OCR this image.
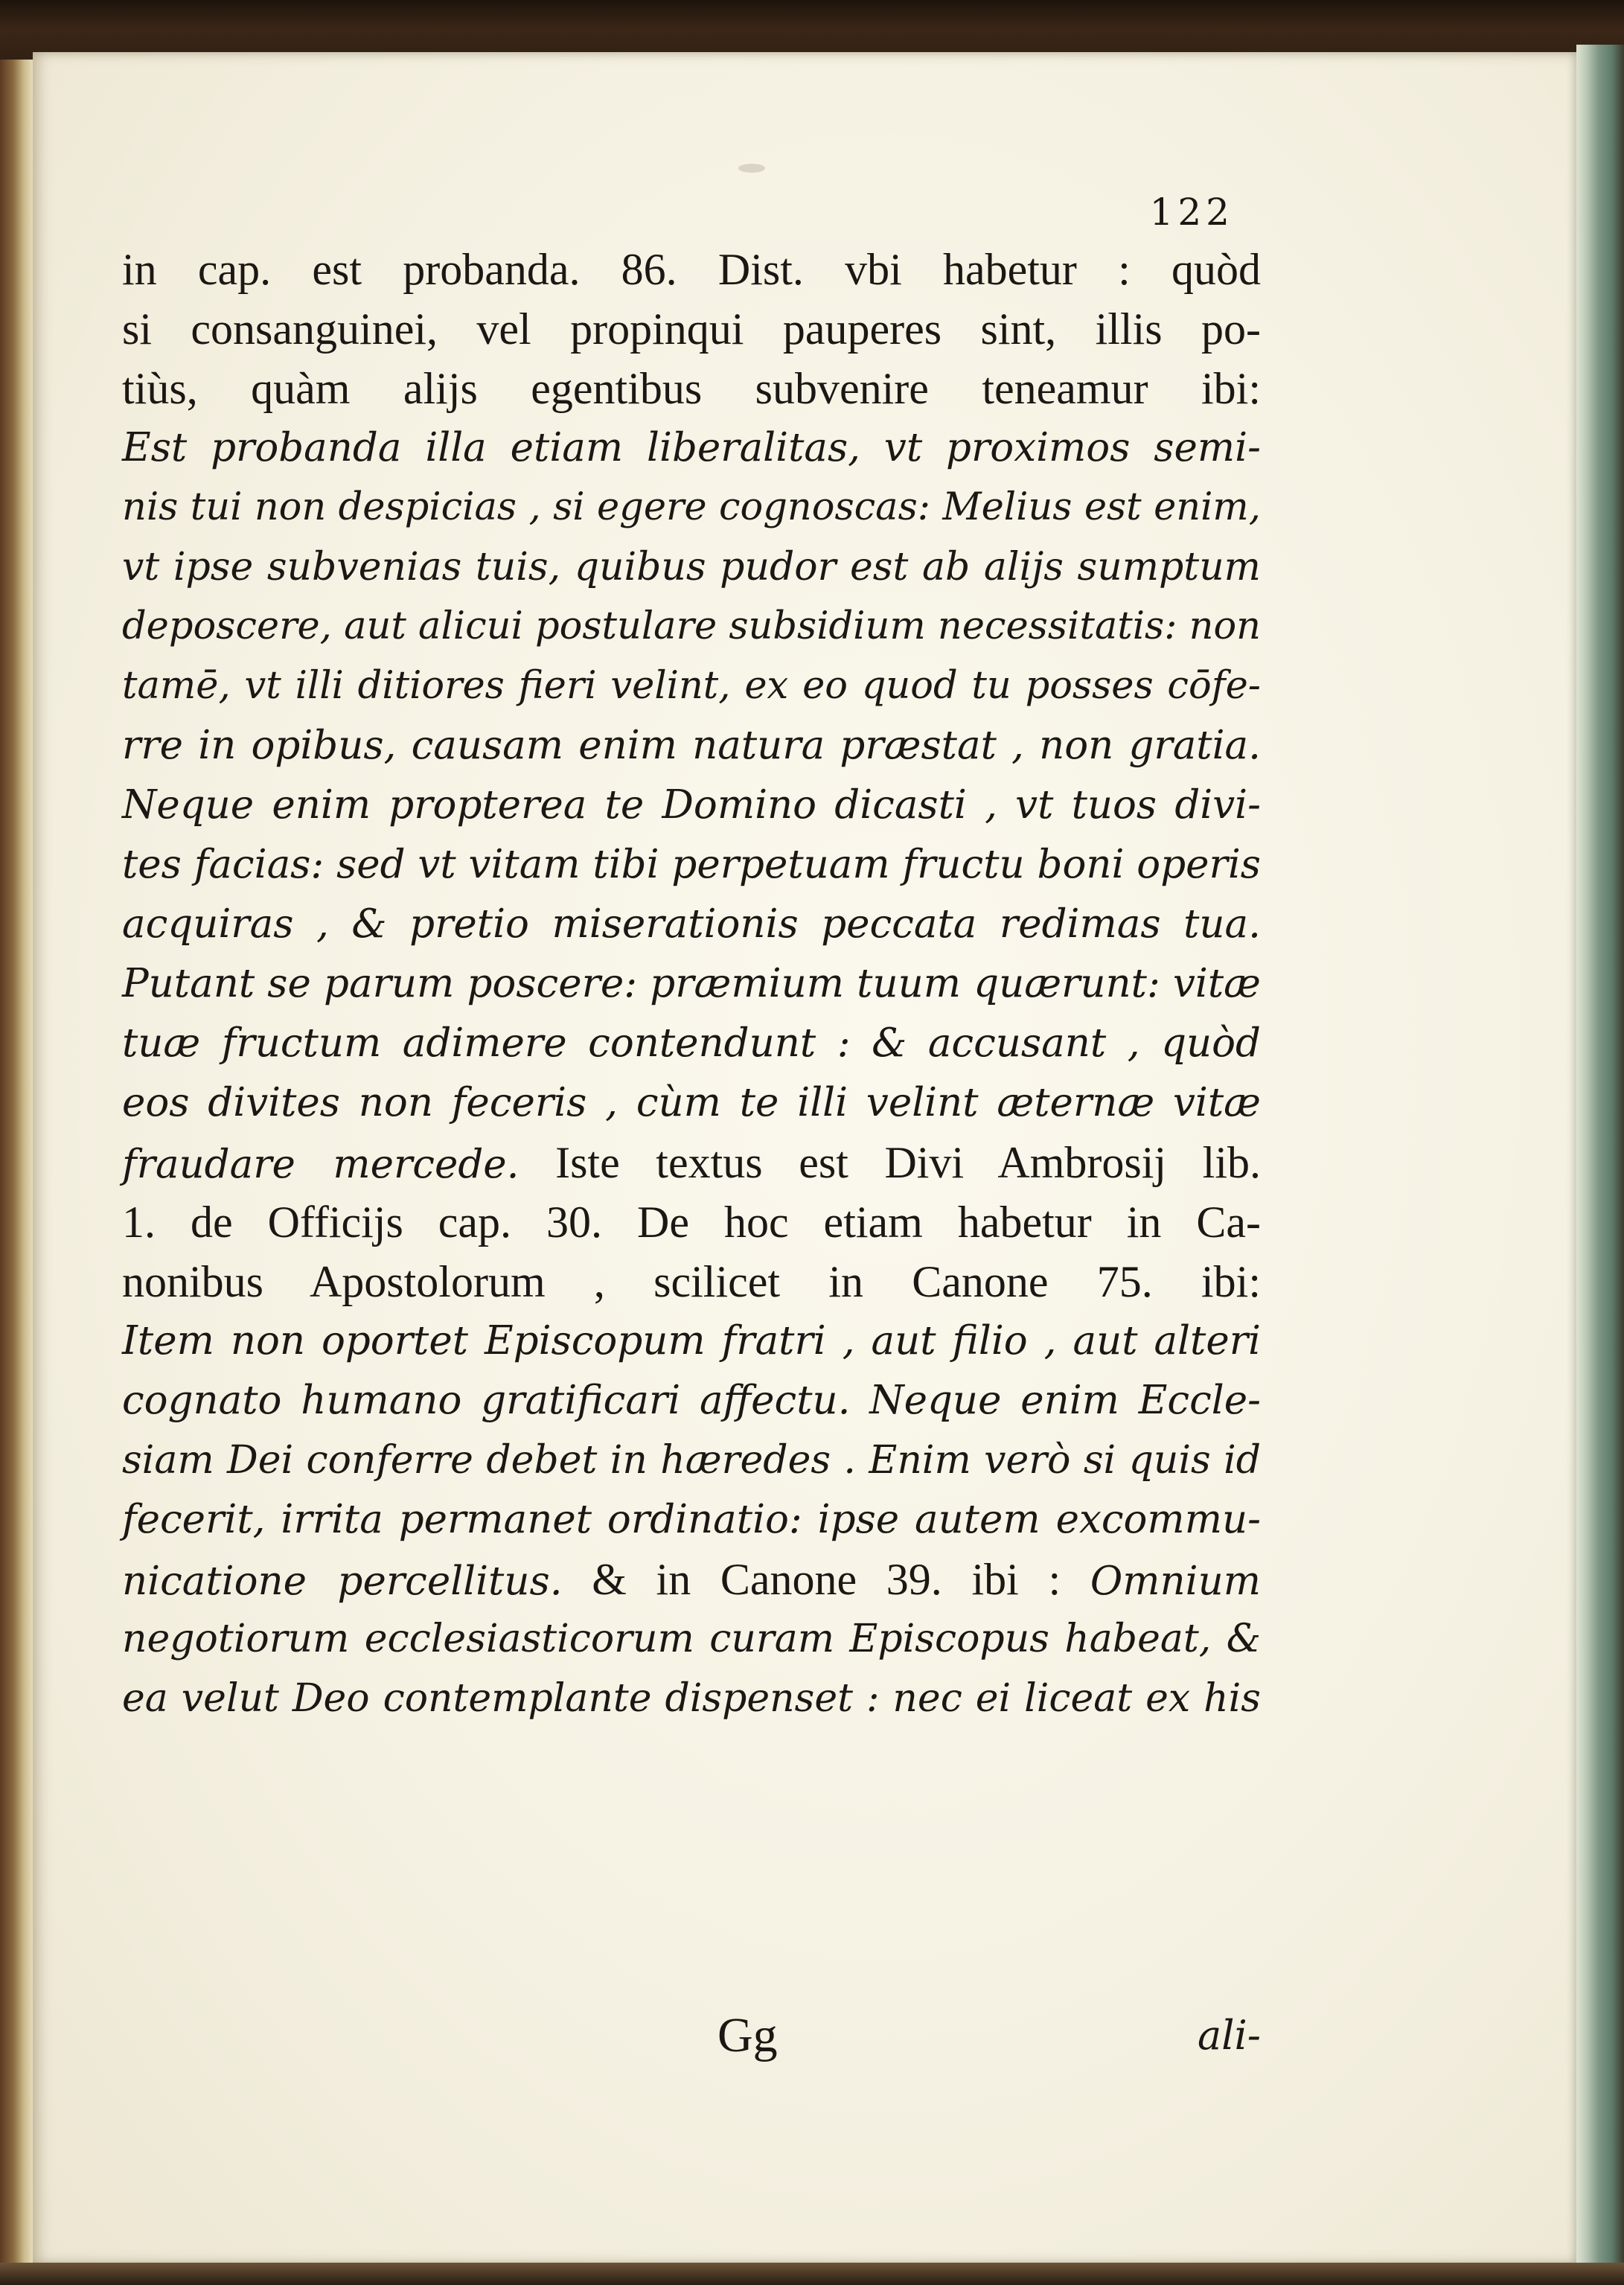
122
in cap. est probanda. 86. Dist. vbi habetur : quòd
si consanguinei, vel propinqui pauperes sint, illis po-
tiùs, quàm alijs egentibus subvenire teneamur ibi:
Est probanda illa etiam liberalitas, vt proximos semi-
nis tui non despicias , si egere cognoscas: Melius est enim,
vt ipse subvenias tuis, quibus pudor est ab alijs sumptum
deposcere, aut alicui postulare subsidium necessitatis: non
tamē, vt illi ditiores fieri velint, ex eo quod tu posses cōfe-
rre in opibus, causam enim natura præstat , non gratia.
Neque enim propterea te Domino dicasti , vt tuos divi-
tes facias: sed vt vitam tibi perpetuam fructu boni operis
acquiras , & pretio miserationis peccata redimas tua.
Putant se parum poscere: præmium tuum quærunt: vitæ
tuæ fructum adimere contendunt : & accusant , quòd
eos divites non feceris , cùm te illi velint æternæ vitæ
fraudare mercede. Iste textus est Divi Ambrosij lib.
1. de Officijs cap. 30. De hoc etiam habetur in Ca-
nonibus Apostolorum , scilicet in Canone 75. ibi:
Item non oportet Episcopum fratri , aut filio , aut alteri
cognato humano gratificari affectu. Neque enim Eccle-
siam Dei conferre debet in hæredes . Enim verò si quis id
fecerit, irrita permanet ordinatio: ipse autem excommu-
nicatione percellitus. & in Canone 39. ibi : Omnium
negotiorum ecclesiasticorum curam Episcopus habeat, &
ea velut Deo contemplante dispenset : nec ei liceat ex his
Gg	ali-
